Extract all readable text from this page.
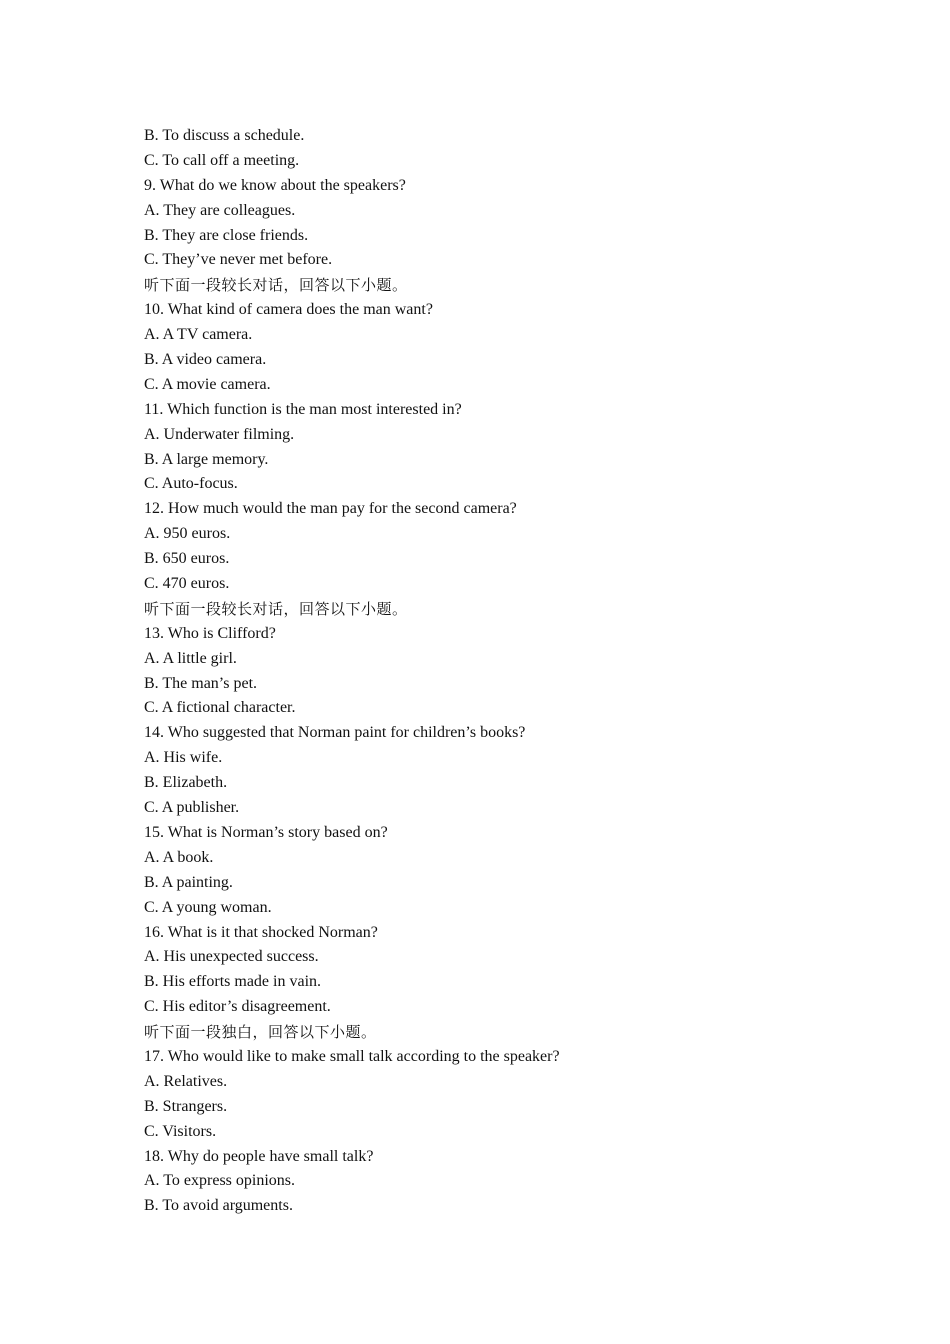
B. To discuss a schedule.
C. To call off a meeting.
9. What do we know about the speakers?
A. They are colleagues.
B. They are close friends.
C. They’ve never met before.
听下面一段较长对话，回答以下小题。
10. What kind of camera does the man want?
A. A TV camera.
B. A video camera.
C. A movie camera.
11. Which function is the man most interested in?
A. Underwater filming.
B. A large memory.
C. Auto-focus.
12. How much would the man pay for the second camera?
A. 950 euros.
B. 650 euros.
C. 470 euros.
听下面一段较长对话，回答以下小题。
13. Who is Clifford?
A. A little girl.
B. The man’s pet.
C. A fictional character.
14. Who suggested that Norman paint for children’s books?
A. His wife.
B. Elizabeth.
C. A publisher.
15. What is Norman’s story based on?
A. A book.
B. A painting.
C. A young woman.
16. What is it that shocked Norman?
A. His unexpected success.
B. His efforts made in vain.
C. His editor’s disagreement.
听下面一段独白，回答以下小题。
17. Who would like to make small talk according to the speaker?
A. Relatives.
B. Strangers.
C. Visitors.
18. Why do people have small talk?
A. To express opinions.
B. To avoid arguments.
